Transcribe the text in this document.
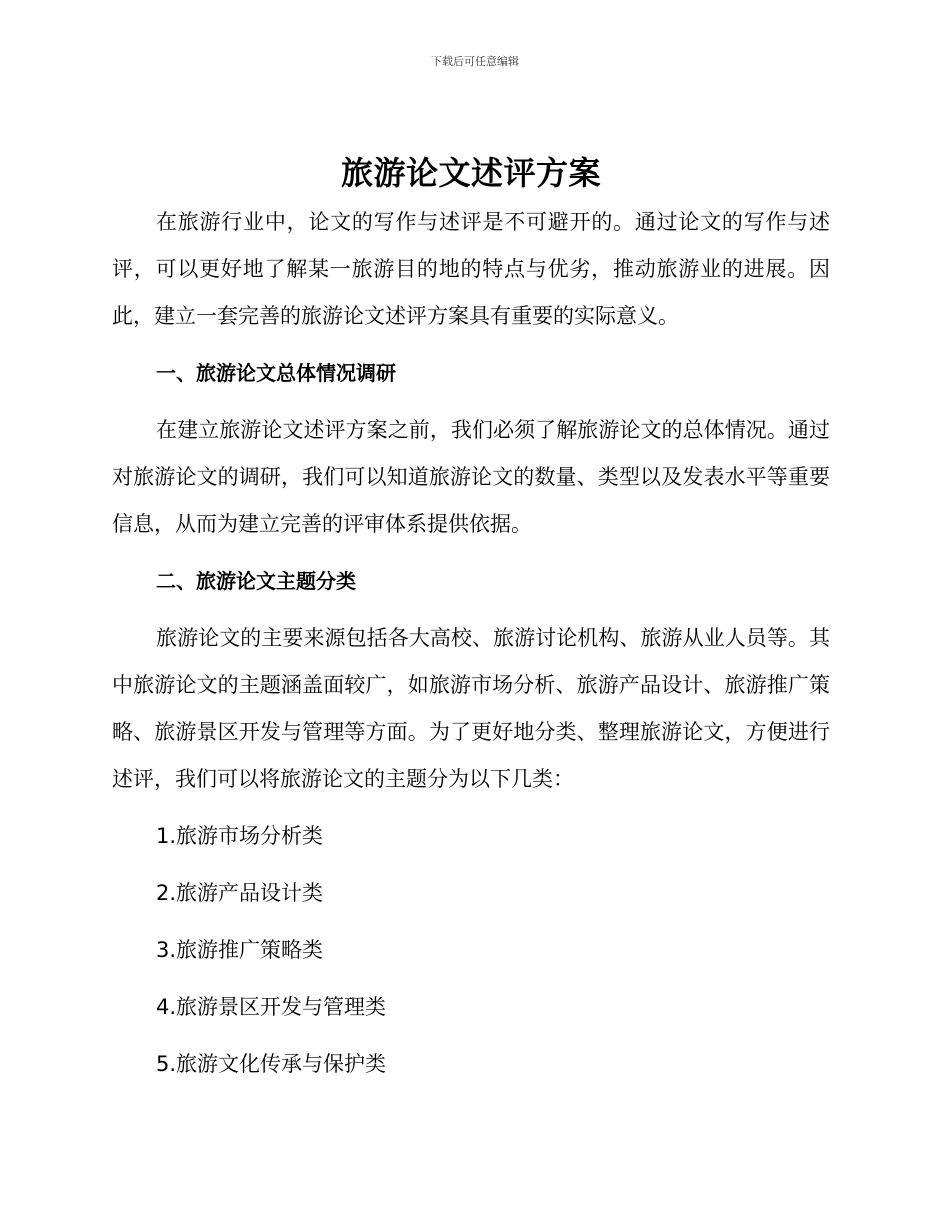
下载后可任意编辑
旅游论文述评方案

在旅游行业中，论文的写作与述评是不可避开的。通过论文的写作与述评，可以更好地了解某一旅游目的地的特点与优劣，推动旅游业的进展。因此，建立一套完善的旅游论文述评方案具有重要的实际意义。

一、旅游论文总体情况调研

在建立旅游论文述评方案之前，我们必须了解旅游论文的总体情况。通过对旅游论文的调研，我们可以知道旅游论文的数量、类型以及发表水平等重要信息，从而为建立完善的评审体系提供依据。

二、旅游论文主题分类

旅游论文的主要来源包括各大高校、旅游讨论机构、旅游从业人员等。其中旅游论文的主题涵盖面较广，如旅游市场分析、旅游产品设计、旅游推广策略、旅游景区开发与管理等方面。为了更好地分类、整理旅游论文，方便进行述评，我们可以将旅游论文的主题分为以下几类：

1.旅游市场分析类

2.旅游产品设计类

3.旅游推广策略类

4.旅游景区开发与管理类

5.旅游文化传承与保护类
